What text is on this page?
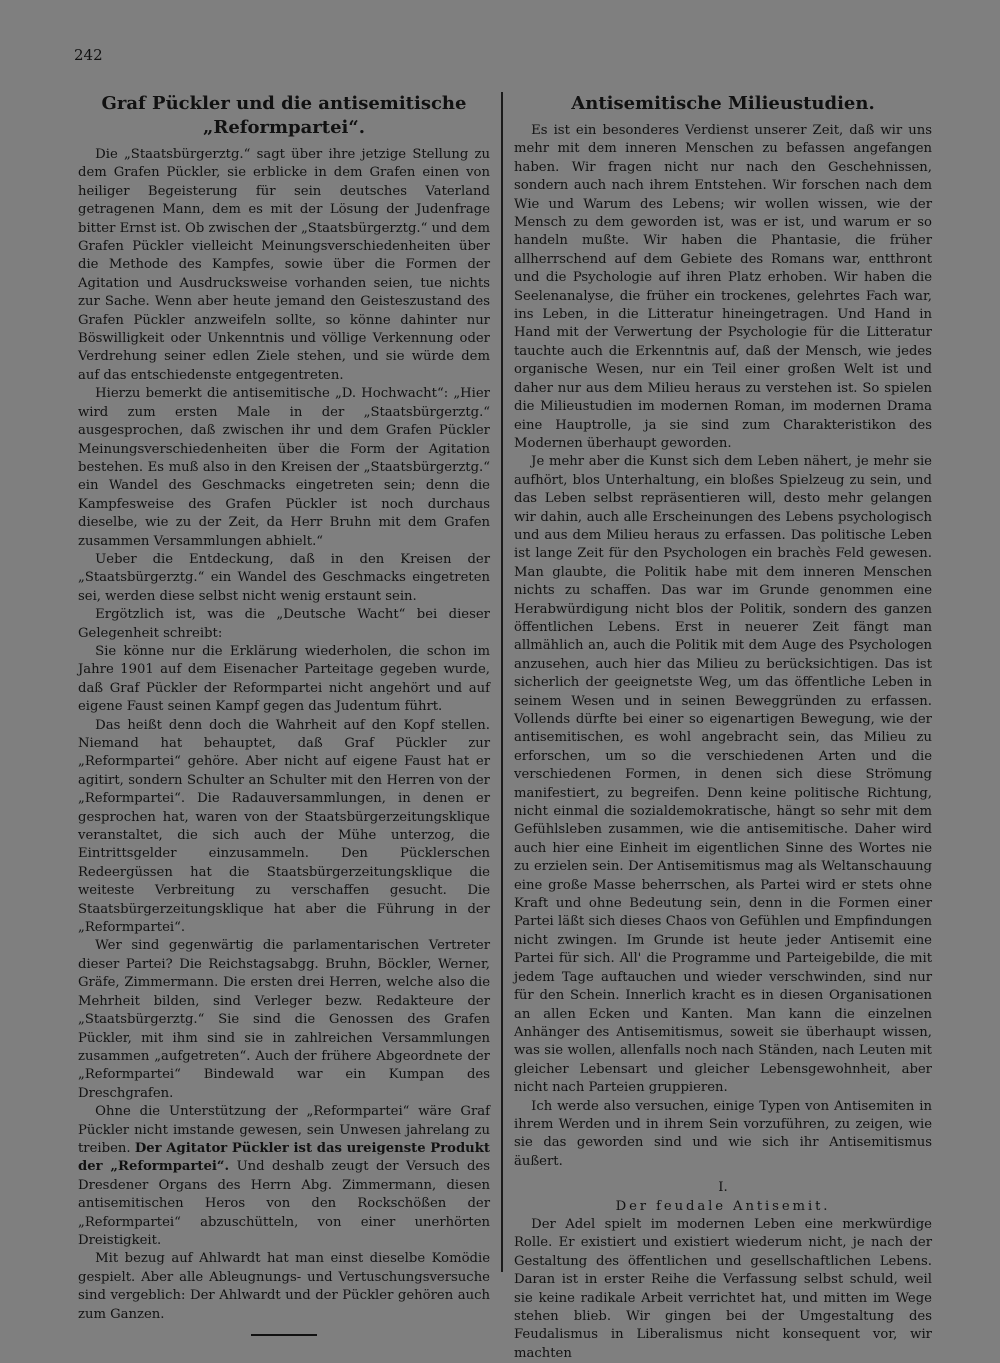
242
Graf Pückler und die antisemitische
„Reformpartei“.

Die „Staatsbürgerztg.“ sagt über ihre jetzige Stellung zu dem Grafen Pückler, sie erblicke in dem Grafen einen von heiliger Begeisterung für sein deutsches Vaterland getragenen Mann, dem es mit der Lösung der Judenfrage bitter Ernst ist. Ob zwischen der „Staatsbürgerztg.“ und dem Grafen Pückler vielleicht Meinungsverschiedenheiten über die Methode des Kampfes, sowie über die Formen der Agitation und Ausdrucksweise vorhanden seien, tue nichts zur Sache. Wenn aber heute jemand den Geisteszustand des Grafen Pückler anzweifeln sollte, so könne dahinter nur Böswilligkeit oder Unkenntnis und völlige Verkennung oder Verdrehung seiner edlen Ziele stehen, und sie würde dem auf das entschiedenste entgegentreten.

Hierzu bemerkt die antisemitische „D. Hochwacht“: „Hier wird zum ersten Male in der „Staatsbürgerztg.“ ausgesprochen, daß zwischen ihr und dem Grafen Pückler Meinungsverschiedenheiten über die Form der Agitation bestehen. Es muß also in den Kreisen der „Staatsbürgerztg.“ ein Wandel des Geschmacks eingetreten sein; denn die Kampfesweise des Grafen Pückler ist noch durchaus dieselbe, wie zu der Zeit, da Herr Bruhn mit dem Grafen zusammen Versammlungen abhielt.“

Ueber die Entdeckung, daß in den Kreisen der „Staatsbürgerztg.“ ein Wandel des Geschmacks eingetreten sei, werden diese selbst nicht wenig erstaunt sein.

Ergötzlich ist, was die „Deutsche Wacht“ bei dieser Gelegenheit schreibt:

Sie könne nur die Erklärung wiederholen, die schon im Jahre 1901 auf dem Eisenacher Parteitage gegeben wurde, daß Graf Pückler der Reformpartei nicht angehört und auf eigene Faust seinen Kampf gegen das Judentum führt.

Das heißt denn doch die Wahrheit auf den Kopf stellen. Niemand hat behauptet, daß Graf Pückler zur „Reformpartei“ gehöre. Aber nicht auf eigene Faust hat er agitirt, sondern Schulter an Schulter mit den Herren von der „Reformpartei“. Die Radauversammlungen, in denen er gesprochen hat, waren von der Staatsbürgerzeitungsklique veranstaltet, die sich auch der Mühe unterzog, die Eintrittsgelder einzusammeln. Den Pücklerschen Redeergüssen hat die Staatsbürgerzeitungsklique die weiteste Verbreitung zu verschaffen gesucht. Die Staatsbürgerzeitungsklique hat aber die Führung in der „Reformpartei“.

Wer sind gegenwärtig die parlamentarischen Vertreter dieser Partei? Die Reichstagsabgg. Bruhn, Böckler, Werner, Gräfe, Zimmermann. Die ersten drei Herren, welche also die Mehrheit bilden, sind Verleger bezw. Redakteure der „Staatsbürgerztg.“ Sie sind die Genossen des Grafen Pückler, mit ihm sind sie in zahlreichen Versammlungen zusammen „aufgetreten“. Auch der frühere Abgeordnete der „Reformpartei“ Bindewald war ein Kumpan des Dreschgrafen.

Ohne die Unterstützung der „Reformpartei“ wäre Graf Pückler nicht imstande gewesen, sein Unwesen jahrelang zu treiben. Der Agitator Pückler ist das ureigenste Produkt der „Reformpartei“. Und deshalb zeugt der Versuch des Dresdener Organs des Herrn Abg. Zimmermann, diesen antisemitischen Heros von den Rockschößen der „Reformpartei“ abzuschütteln, von einer unerhörten Dreistigkeit.

Mit bezug auf Ahlwardt hat man einst dieselbe Komödie gespielt. Aber alle Ableugnungs- und Vertuschungsversuche sind vergeblich: Der Ahlwardt und der Pückler gehören auch zum Ganzen.

Antisemitische Milieustudien.

Es ist ein besonderes Verdienst unserer Zeit, daß wir uns mehr mit dem inneren Menschen zu befassen angefangen haben. Wir fragen nicht nur nach den Geschehnissen, sondern auch nach ihrem Entstehen. Wir forschen nach dem Wie und Warum des Lebens; wir wollen wissen, wie der Mensch zu dem geworden ist, was er ist, und warum er so handeln mußte. Wir haben die Phantasie, die früher allherrschend auf dem Gebiete des Romans war, entthront und die Psychologie auf ihren Platz erhoben. Wir haben die Seelenanalyse, die früher ein trockenes, gelehrtes Fach war, ins Leben, in die Litteratur hineingetragen. Und Hand in Hand mit der Verwertung der Psychologie für die Litteratur tauchte auch die Erkenntnis auf, daß der Mensch, wie jedes organische Wesen, nur ein Teil einer großen Welt ist und daher nur aus dem Milieu heraus zu verstehen ist. So spielen die Milieustudien im modernen Roman, im modernen Drama eine Hauptrolle, ja sie sind zum Charakteristikon des Modernen überhaupt geworden.

Je mehr aber die Kunst sich dem Leben nähert, je mehr sie aufhört, blos Unterhaltung, ein bloßes Spielzeug zu sein, und das Leben selbst repräsentieren will, desto mehr gelangen wir dahin, auch alle Erscheinungen des Lebens psychologisch und aus dem Milieu heraus zu erfassen. Das politische Leben ist lange Zeit für den Psychologen ein brachès Feld gewesen. Man glaubte, die Politik habe mit dem inneren Menschen nichts zu schaffen. Das war im Grunde genommen eine Herabwürdigung nicht blos der Politik, sondern des ganzen öffentlichen Lebens. Erst in neuerer Zeit fängt man allmählich an, auch die Politik mit dem Auge des Psychologen anzusehen, auch hier das Milieu zu berücksichtigen. Das ist sicherlich der geeignetste Weg, um das öffentliche Leben in seinem Wesen und in seinen Beweggründen zu erfassen. Vollends dürfte bei einer so eigenartigen Bewegung, wie der antisemitischen, es wohl angebracht sein, das Milieu zu erforschen, um so die verschiedenen Arten und die verschiedenen Formen, in denen sich diese Strömung manifestiert, zu begreifen. Denn keine politische Richtung, nicht einmal die sozialdemokratische, hängt so sehr mit dem Gefühlsleben zusammen, wie die antisemitische. Daher wird auch hier eine Einheit im eigentlichen Sinne des Wortes nie zu erzielen sein. Der Antisemitismus mag als Weltanschauung eine große Masse beherrschen, als Partei wird er stets ohne Kraft und ohne Bedeutung sein, denn in die Formen einer Partei läßt sich dieses Chaos von Gefühlen und Empfindungen nicht zwingen. Im Grunde ist heute jeder Antisemit eine Partei für sich. All' die Programme und Parteigebilde, die mit jedem Tage auftauchen und wieder verschwinden, sind nur für den Schein. Innerlich kracht es in diesen Organisationen an allen Ecken und Kanten. Man kann die einzelnen Anhänger des Antisemitismus, soweit sie überhaupt wissen, was sie wollen, allenfalls noch nach Ständen, nach Leuten mit gleicher Lebensart und gleicher Lebensgewohnheit, aber nicht nach Parteien gruppieren.

Ich werde also versuchen, einige Typen von Antisemiten in ihrem Werden und in ihrem Sein vorzuführen, zu zeigen, wie sie das geworden sind und wie sich ihr Antisemitismus äußert.

I.
Der feudale Antisemit.

Der Adel spielt im modernen Leben eine merkwürdige Rolle. Er existiert und existiert wiederum nicht, je nach der Gestaltung des öffentlichen und gesellschaftlichen Lebens. Daran ist in erster Reihe die Verfassung selbst schuld, weil sie keine radikale Arbeit verrichtet hat, und mitten im Wege stehen blieb. Wir gingen bei der Umgestaltung des Feudalismus in Liberalismus nicht konsequent vor, wir machten
